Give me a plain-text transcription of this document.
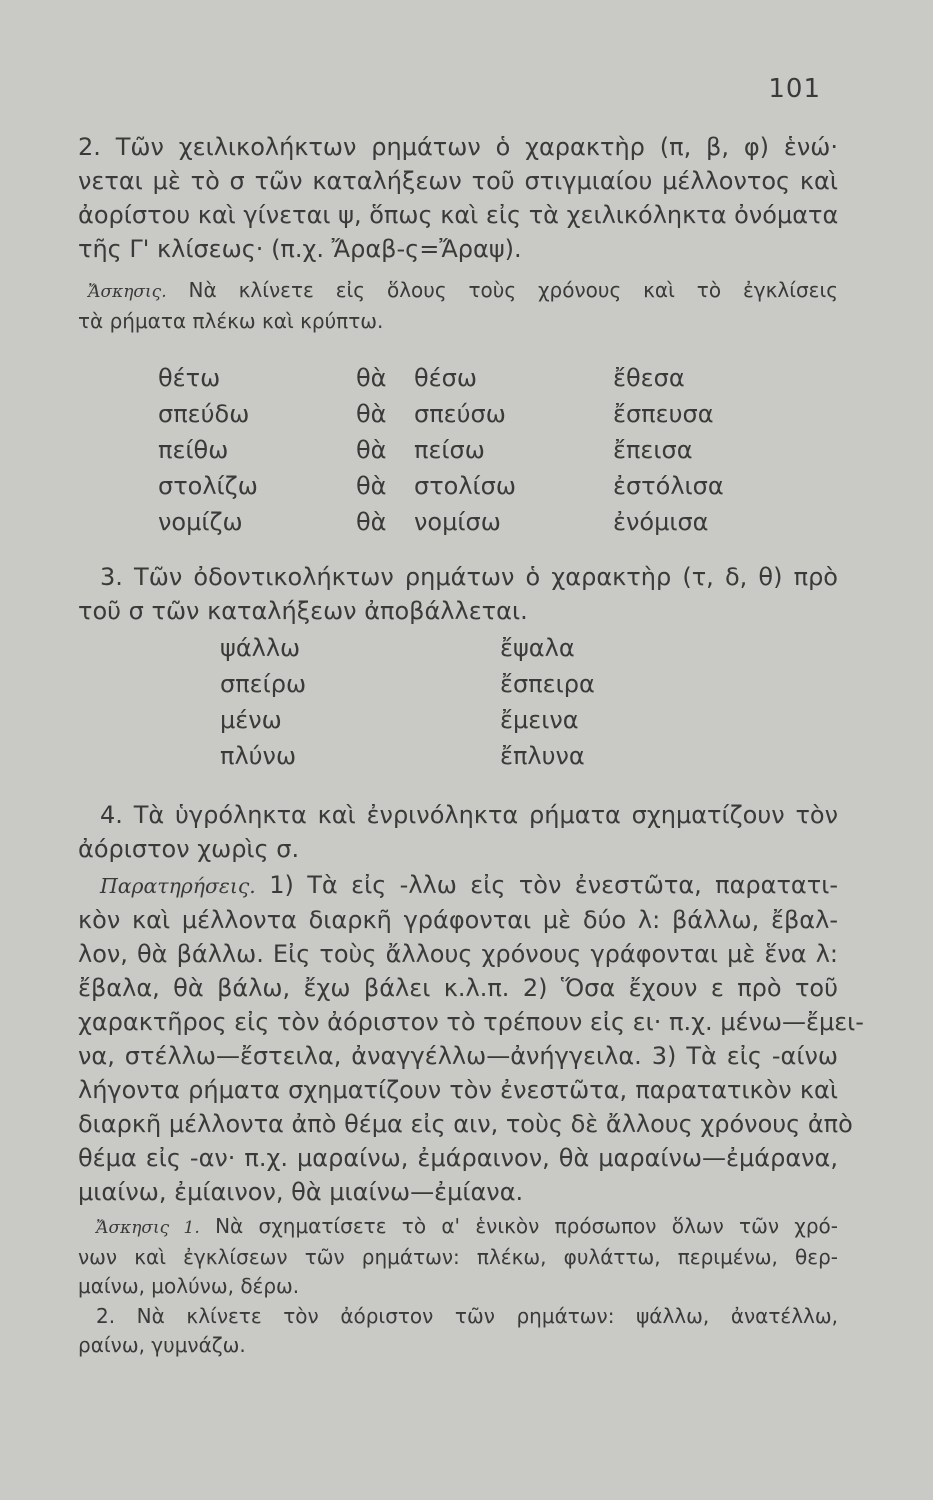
101
2. Τῶν χειλικολήκτων ρημάτων ὁ χαρακτὴρ (π, β, φ) ἑνώ·
νεται μὲ τὸ σ τῶν καταλήξεων τοῦ στιγμιαίου μέλλοντος καὶ
ἀορίστου καὶ γίνεται ψ, ὅπως καὶ εἰς τὰ χειλικόληκτα ὀνόματα
τῆς Γ' κλίσεως· (π.χ. Ἄραβ-ς=Ἄραψ).
Ἄσκησις. Νὰ κλίνετε εἰς ὅλους τοὺς χρόνους καὶ τὸ ἐγκλίσεις
τὰ ρήματα πλέκω καὶ κρύπτω.
θέτω	θὰ θέσω	ἔθεσα
σπεύδω	θὰ σπεύσω	ἔσπευσα
πείθω	θὰ πείσω	ἔπεισα
στολίζω	θὰ στολίσω	ἐστόλισα
νομίζω	θὰ νομίσω	ἐνόμισα
3. Τῶν ὀδοντικολήκτων ρημάτων ὁ χαρακτὴρ (τ, δ, θ) πρὸ
τοῦ σ τῶν καταλήξεων ἀποβάλλεται.
ψάλλω	ἔψαλα
σπείρω	ἔσπειρα
μένω	ἔμεινα
πλύνω	ἔπλυνα
4. Τὰ ὑγρόληκτα καὶ ἐνρινόληκτα ρήματα σχηματίζουν τὸν
ἀόριστον χωρὶς σ.
Παρατηρήσεις. 1) Τὰ εἰς -λλω εἰς τὸν ἐνεστῶτα, παρατατι-
κὸν καὶ μέλλοντα διαρκῆ γράφονται μὲ δύο λ: βάλλω, ἔβαλ-
λον, θὰ βάλλω. Εἰς τοὺς ἄλλους χρόνους γράφονται μὲ ἕνα λ:
ἔβαλα, θὰ βάλω, ἔχω βάλει κ.λ.π. 2) Ὅσα ἔχουν ε πρὸ τοῦ
χαρακτῆρος εἰς τὸν ἀόριστον τὸ τρέπουν εἰς ει· π.χ. μένω—ἔμει-
να, στέλλω—ἔστειλα, ἀναγγέλλω—ἀνήγγειλα. 3) Τὰ εἰς -αίνω
λήγοντα ρήματα σχηματίζουν τὸν ἐνεστῶτα, παρατατικὸν καὶ
διαρκῆ μέλλοντα ἀπὸ θέμα εἰς αιν, τοὺς δὲ ἄλλους χρόνους ἀπὸ
θέμα εἰς -αν· π.χ. μαραίνω, ἐμάραινον, θὰ μαραίνω—ἐμάρανα,
μιαίνω, ἐμίαινον, θὰ μιαίνω—ἐμίανα.
Ἄσκησις 1. Νὰ σχηματίσετε τὸ α' ἑνικὸν πρόσωπον ὅλων τῶν χρό-
νων καὶ ἐγκλίσεων τῶν ρημάτων: πλέκω, φυλάττω, περιμένω, θερ-
μαίνω, μολύνω, δέρω.
2. Νὰ κλίνετε τὸν ἀόριστον τῶν ρημάτων: ψάλλω, ἀνατέλλω,
ραίνω, γυμνάζω.
